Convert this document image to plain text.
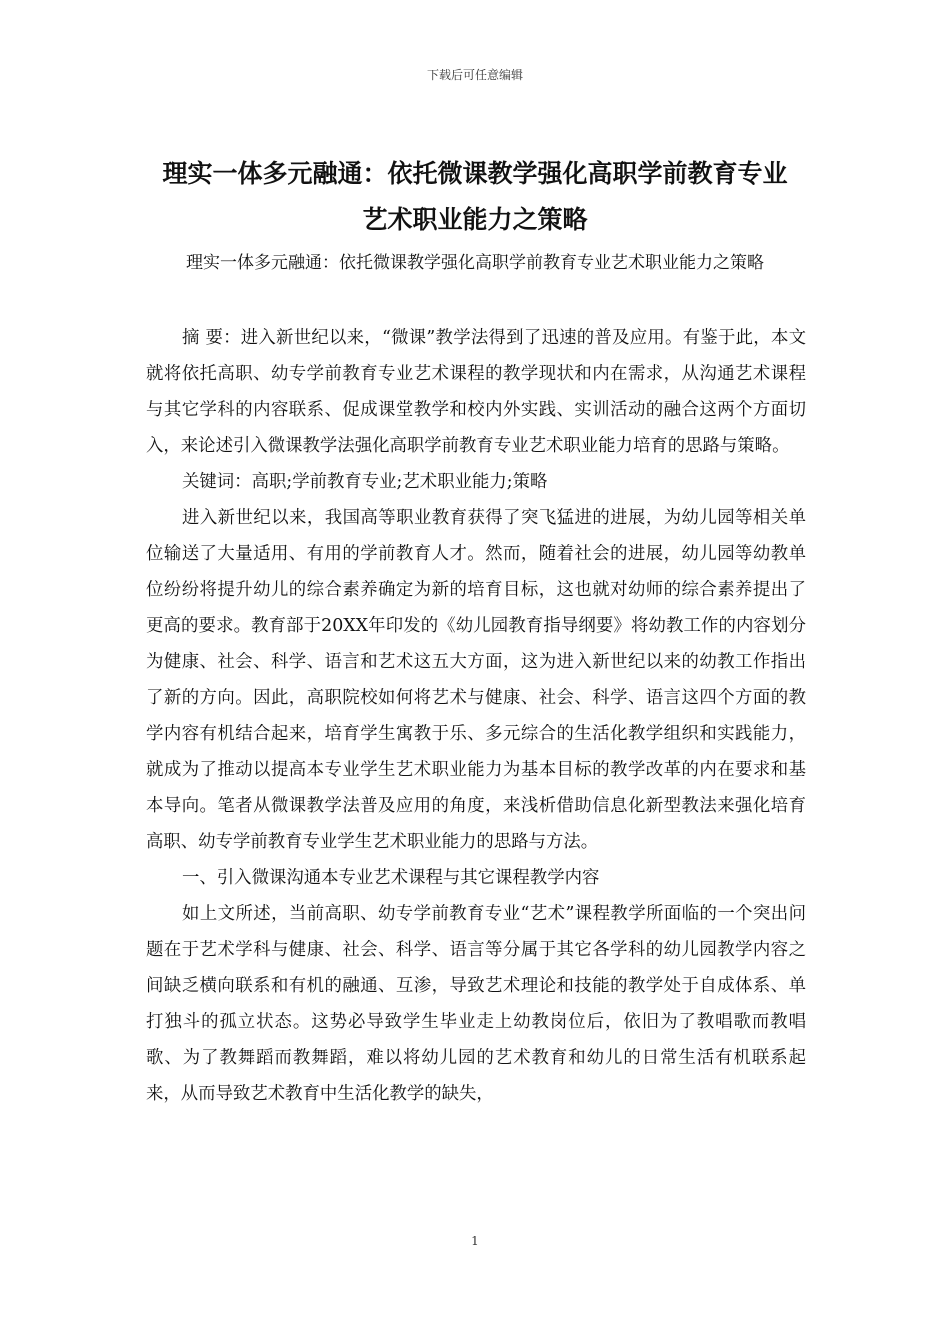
下载后可任意编辑
理实一体多元融通：依托微课教学强化高职学前教育专业
艺术职业能力之策略
理实一体多元融通：依托微课教学强化高职学前教育专业艺术职业能力之策略

摘 要：进入新世纪以来，“微课”教学法得到了迅速的普及应用。有鉴于此，本文就将依托高职、幼专学前教育专业艺术课程的教学现状和内在需求，从沟通艺术课程与其它学科的内容联系、促成课堂教学和校内外实践、实训活动的融合这两个方面切入，来论述引入微课教学法强化高职学前教育专业艺术职业能力培育的思路与策略。

关键词：高职;学前教育专业;艺术职业能力;策略

进入新世纪以来，我国高等职业教育获得了突飞猛进的进展，为幼儿园等相关单位输送了大量适用、有用的学前教育人才。然而，随着社会的进展，幼儿园等幼教单位纷纷将提升幼儿的综合素养确定为新的培育目标，这也就对幼师的综合素养提出了更高的要求。教育部于20XX年印发的《幼儿园教育指导纲要》将幼教工作的内容划分为健康、社会、科学、语言和艺术这五大方面，这为进入新世纪以来的幼教工作指出了新的方向。因此，高职院校如何将艺术与健康、社会、科学、语言这四个方面的教学内容有机结合起来，培育学生寓教于乐、多元综合的生活化教学组织和实践能力，就成为了推动以提高本专业学生艺术职业能力为基本目标的教学改革的内在要求和基本导向。笔者从微课教学法普及应用的角度，来浅析借助信息化新型教法来强化培育高职、幼专学前教育专业学生艺术职业能力的思路与方法。

一、引入微课沟通本专业艺术课程与其它课程教学内容

如上文所述，当前高职、幼专学前教育专业“艺术”课程教学所面临的一个突出问题在于艺术学科与健康、社会、科学、语言等分属于其它各学科的幼儿园教学内容之间缺乏横向联系和有机的融通、互渗，导致艺术理论和技能的教学处于自成体系、单打独斗的孤立状态。这势必导致学生毕业走上幼教岗位后，依旧为了教唱歌而教唱歌、为了教舞蹈而教舞蹈，难以将幼儿园的艺术教育和幼儿的日常生活有机联系起来，从而导致艺术教育中生活化教学的缺失，

1
